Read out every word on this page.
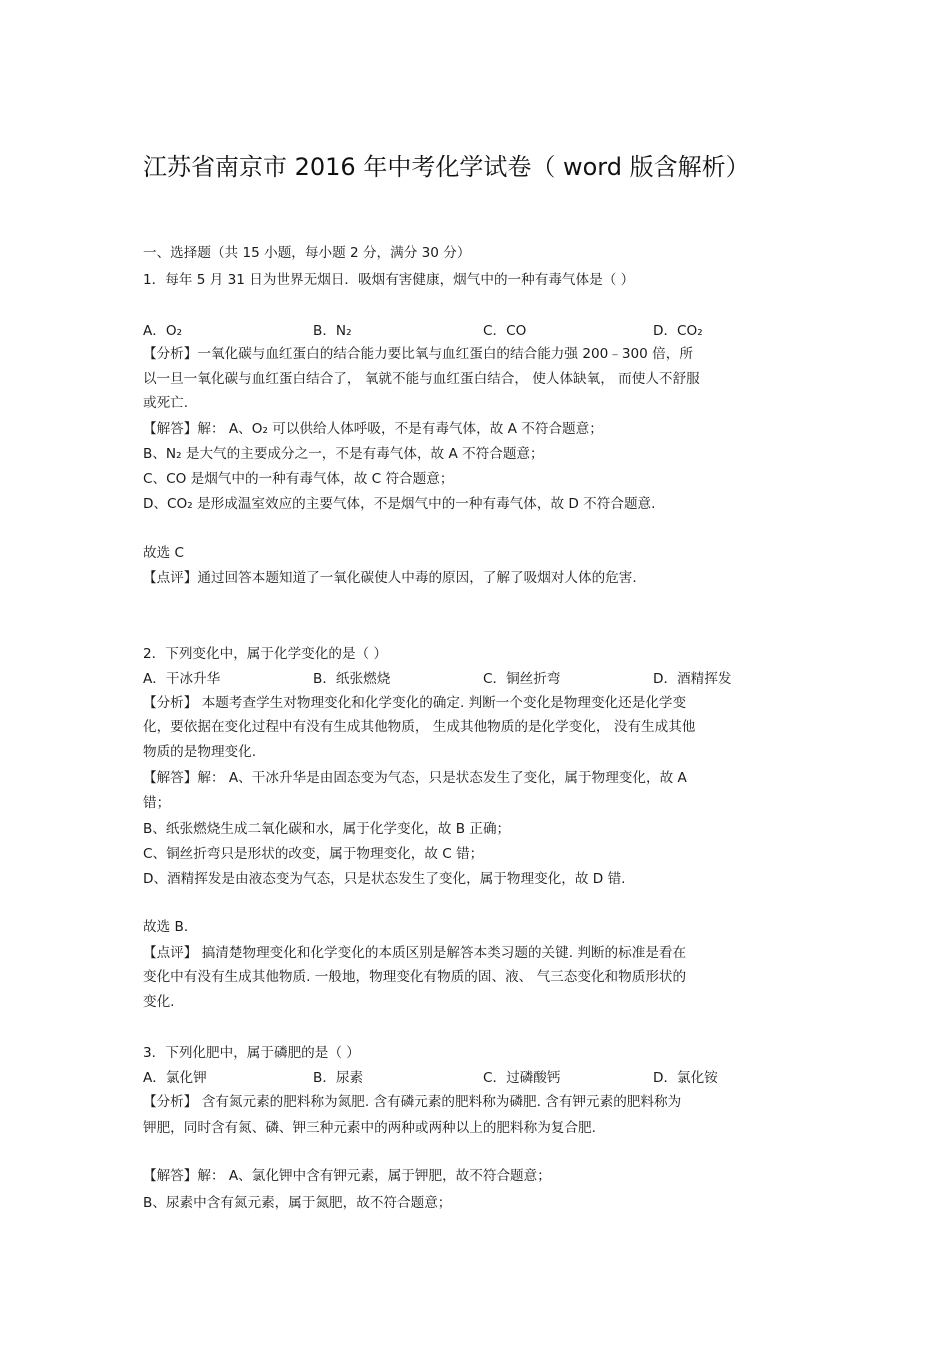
江苏省南京市 2016 年中考化学试卷（ word 版含解析）
一、选择题（共 15 小题，每小题 2 分，满分 30 分）
1．每年 5 月 31 日为世界无烟日．吸烟有害健康，烟气中的一种有毒气体是（ ）
A．O₂	B．N₂	C．CO	D．CO₂
【分析】一氧化碳与血红蛋白的结合能力要比氧与血红蛋白的结合能力强 200﹣300 倍，所
以一旦一氧化碳与血红蛋白结合了， 氧就不能与血红蛋白结合， 使人体缺氧， 而使人不舒服
或死亡.
【解答】解： A、O₂ 可以供给人体呼吸，不是有毒气体，故 A 不符合题意；
B、N₂ 是大气的主要成分之一，不是有毒气体，故 A 不符合题意；
C、CO 是烟气中的一种有毒气体，故 C 符合题意；
D、CO₂ 是形成温室效应的主要气体，不是烟气中的一种有毒气体，故 D 不符合题意.
故选 C
【点评】通过回答本题知道了一氧化碳使人中毒的原因，了解了吸烟对人体的危害.
2．下列变化中，属于化学变化的是（ ）
A．干冰升华	B．纸张燃烧	C．铜丝折弯	D．酒精挥发
【分析】 本题考查学生对物理变化和化学变化的确定. 判断一个变化是物理变化还是化学变
化，要依据在变化过程中有没有生成其他物质， 生成其他物质的是化学变化， 没有生成其他
物质的是物理变化.
【解答】解： A、干冰升华是由固态变为气态，只是状态发生了变化，属于物理变化，故 A
错；
B、纸张燃烧生成二氧化碳和水，属于化学变化，故 B 正确；
C、铜丝折弯只是形状的改变，属于物理变化，故 C 错；
D、酒精挥发是由液态变为气态，只是状态发生了变化，属于物理变化，故 D 错.
故选 B．
【点评】 搞清楚物理变化和化学变化的本质区别是解答本类习题的关键. 判断的标准是看在
变化中有没有生成其他物质. 一般地，物理变化有物质的固、液、 气三态变化和物质形状的
变化.
3．下列化肥中，属于磷肥的是（ ）
A．氯化钾	B．尿素	C．过磷酸钙	D．氯化铵
【分析】 含有氮元素的肥料称为氮肥. 含有磷元素的肥料称为磷肥. 含有钾元素的肥料称为
钾肥，同时含有氮、磷、钾三种元素中的两种或两种以上的肥料称为复合肥.
【解答】解： A、氯化钾中含有钾元素，属于钾肥，故不符合题意；
B、尿素中含有氮元素，属于氮肥，故不符合题意；
